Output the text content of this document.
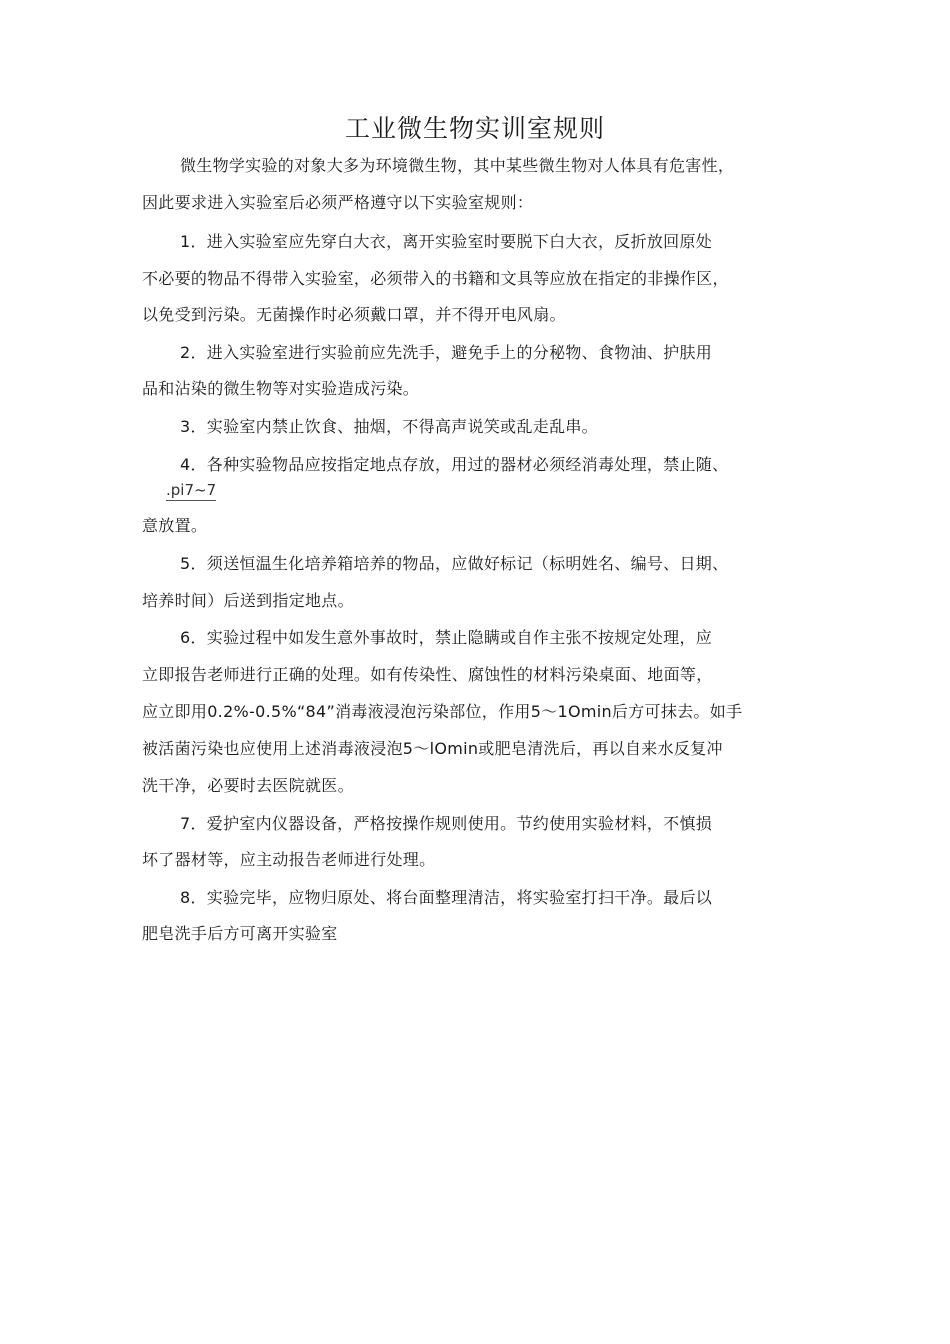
工业微生物实训室规则
微生物学实验的对象大多为环境微生物，其中某些微生物对人体具有危害性，
因此要求进入实验室后必须严格遵守以下实验室规则：
1．进入实验室应先穿白大衣，离开实验室时要脱下白大衣，反折放回原处
不必要的物品不得带入实验室，必须带入的书籍和文具等应放在指定的非操作区，
以免受到污染。无菌操作时必须戴口罩，并不得开电风扇。
2．进入实验室进行实验前应先洗手，避免手上的分秘物、食物油、护肤用
品和沾染的微生物等对实验造成污染。
3．实验室内禁止饮食、抽烟，不得高声说笑或乱走乱串。
4．各种实验物品应按指定地点存放，用过的器材必须经消毒处理，禁止随、
.pi7~7
意放置。
5．须送恒温生化培养箱培养的物品，应做好标记（标明姓名、编号、日期、
培养时间）后送到指定地点。
6．实验过程中如发生意外事故时，禁止隐瞒或自作主张不按规定处理，应
立即报告老师进行正确的处理。如有传染性、腐蚀性的材料污染桌面、地面等，
应立即用0.2%-0.5%“84”消毒液浸泡污染部位，作用5〜1Omin后方可抹去。如手
被活菌污染也应使用上述消毒液浸泡5〜lOmin或肥皂清洗后，再以自来水反复冲
洗干净，必要时去医院就医。
7．爱护室内仪器设备，严格按操作规则使用。节约使用实验材料，不慎损
坏了器材等，应主动报告老师进行处理。
8．实验完毕，应物归原处、将台面整理清洁，将实验室打扫干净。最后以
肥皂洗手后方可离开实验室
